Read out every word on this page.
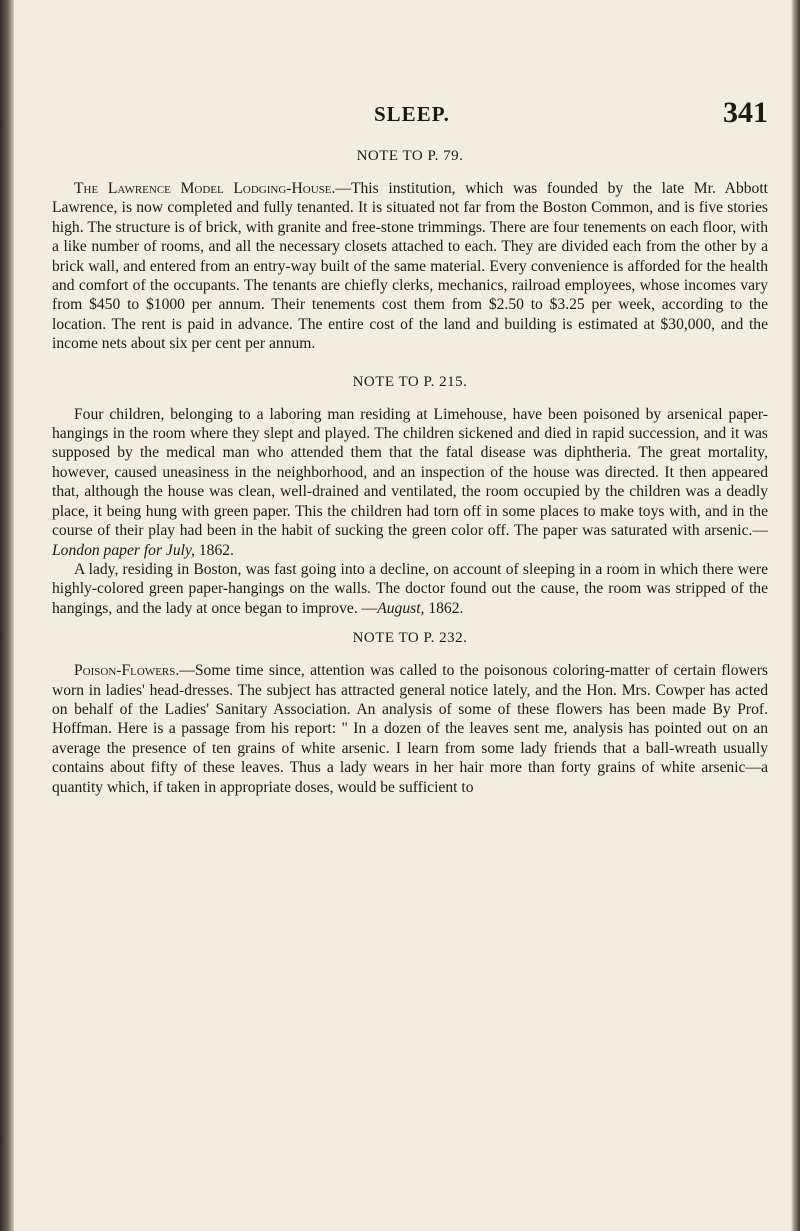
SLEEP.	341
NOTE TO P. 79.

The Lawrence Model Lodging-House.—This institution, which was founded by the late Mr. Abbott Lawrence, is now completed and fully tenanted. It is situated not far from the Boston Common, and is five stories high. The structure is of brick, with granite and free-stone trimmings. There are four tenements on each floor, with a like number of rooms, and all the necessary closets attached to each. They are divided each from the other by a brick wall, and entered from an entry-way built of the same material. Every convenience is afforded for the health and comfort of the occupants. The tenants are chiefly clerks, mechanics, railroad employees, whose incomes vary from $450 to $1000 per annum. Their tenements cost them from $2.50 to $3.25 per week, according to the location. The rent is paid in advance. The entire cost of the land and building is estimated at $30,000, and the income nets about six per cent per annum.

NOTE TO P. 215.

Four children, belonging to a laboring man residing at Limehouse, have been poisoned by arsenical paper-hangings in the room where they slept and played. The children sickened and died in rapid succession, and it was supposed by the medical man who attended them that the fatal disease was diphtheria. The great mortality, however, caused uneasiness in the neighborhood, and an inspection of the house was directed. It then appeared that, although the house was clean, well-drained and ventilated, the room occupied by the children was a deadly place, it being hung with green paper. This the children had torn off in some places to make toys with, and in the course of their play had been in the habit of sucking the green color off. The paper was saturated with arsenic.—London paper for July, 1862.

A lady, residing in Boston, was fast going into a decline, on account of sleeping in a room in which there were highly-colored green paper-hangings on the walls. The doctor found out the cause, the room was stripped of the hangings, and the lady at once began to improve. —August, 1862.

NOTE TO P. 232.

Poison-Flowers.—Some time since, attention was called to the poisonous coloring-matter of certain flowers worn in ladies' head-dresses. The subject has attracted general notice lately, and the Hon. Mrs. Cowper has acted on behalf of the Ladies' Sanitary Association. An analysis of some of these flowers has been made By Prof. Hoffman. Here is a passage from his report: " In a dozen of the leaves sent me, analysis has pointed out on an average the presence of ten grains of white arsenic. I learn from some lady friends that a ball-wreath usually contains about fifty of these leaves. Thus a lady wears in her hair more than forty grains of white arsenic—a quantity which, if taken in appropriate doses, would be sufficient to
